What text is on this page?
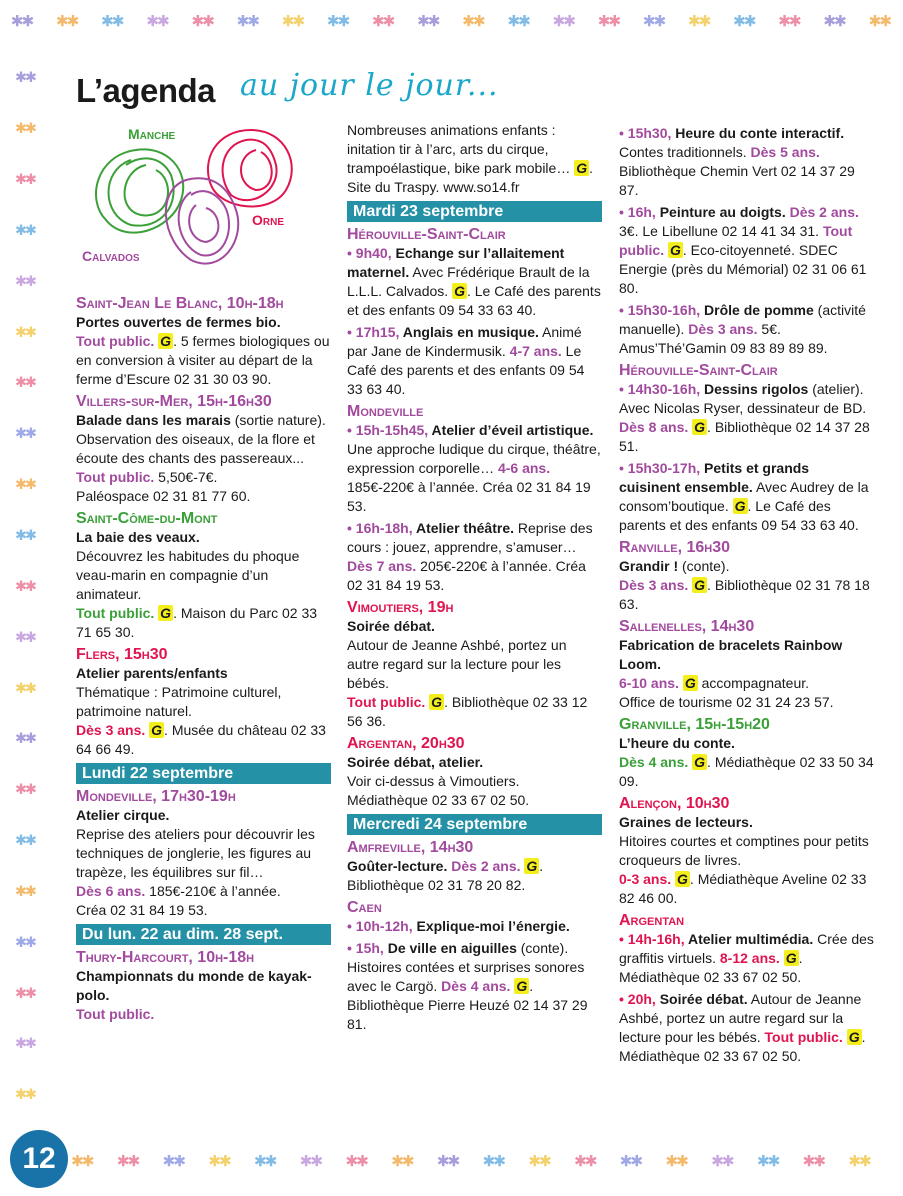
ᕯ ᕯ ᕯ ᕯ ᕯ ᕯ ᕯ ᕯ ᕯ ᕯ ᕯ ᕯ ᕯ ᕯ ᕯ ᕯ ᕯ ᕯ ᕯ ᕯ
ᕯ
ᕯ
ᕯ
ᕯ
ᕯ
ᕯ
ᕯ
ᕯ
ᕯ
ᕯ
ᕯ
ᕯ
ᕯ
ᕯ
ᕯ
ᕯ
ᕯ
ᕯ
ᕯ
ᕯ
ᕯ
ᕯ ᕯ ᕯ ᕯ ᕯ ᕯ ᕯ ᕯ ᕯ ᕯ ᕯ ᕯ ᕯ ᕯ ᕯ ᕯ ᕯ ᕯ
12
L’agenda au jour le jour...
Manche
Orne
Calvados
Saint-Jean Le Blanc, 10h-18h
Portes ouvertes de fermes bio.

Tout public. G . 5 fermes biologiques ou en conversion à visiter au départ de la ferme d’Escure 02 31 30 03 90.

Villers-sur-Mer, 15h-16h30
Balade dans les marais (sortie nature).
Observation des oiseaux, de la flore et écoute des chants des passereaux...
Tout public. 5,50€-7€.

Paléospace 02 31 81 77 60.

Saint-Côme-du-Mont
La baie des veaux.
Découvrez les habitudes du phoque veau-marin en compagnie d’un animateur.

Tout public. G . Maison du Parc 02 33 71 65 30.

Flers, 15h30
Atelier parents/enfants
Thématique : Patrimoine culturel, patrimoine naturel.

Dès 3 ans. G . Musée du château 02 33 64 66 49.

Lundi 22 septembre
Mondeville, 17h30-19h
Atelier cirque.
Reprise des ateliers pour découvrir les techniques de jonglerie, les figures au trapèze, les équilibres sur fil…
Dès 6 ans. 185€-210€ à l’année.

Créa 02 31 84 19 53.

Du lun. 22 au dim. 28 sept.
Thury-Harcourt, 10h-18h
Championnats du monde de kayak-polo.
Tout public.

Nombreuses animations enfants : initation tir à l’arc, arts du cirque, trampoélastique, bike park mobile… G . Site du Traspy. www.so14.fr

Mardi 23 septembre
Hérouville-Saint-Clair

• 9h40, Echange sur l’allaitement maternel. Avec Frédérique Brault de la L.L.L. Calvados. G . Le Café des parents et des enfants 09 54 33 63 40.

• 17h15, Anglais en musique. Animé par Jane de Kindermusik. 4-7 ans. Le Café des parents et des enfants 09 54 33 63 40.

Mondeville

• 15h-15h45, Atelier d’éveil artistique. Une approche ludique du cirque, théâtre, expression corporelle… 4-6 ans. 185€-220€ à l’année. Créa 02 31 84 19 53.

• 16h-18h, Atelier théâtre. Reprise des cours : jouez, apprendre, s’amuser… Dès 7 ans. 205€-220€ à l’année. Créa 02 31 84 19 53.

Vimoutiers, 19h
Soirée débat.
Autour de Jeanne Ashbé, portez un autre regard sur la lecture pour les bébés.

Tout public. G . Bibliothèque 02 33 12 56 36.

Argentan, 20h30
Soirée débat, atelier.
Voir ci-dessus à Vimoutiers.

Médiathèque 02 33 67 02 50.

Mercredi 24 septembre
Amfreville, 14h30
Goûter-lecture. Dès 2 ans. G .

Bibliothèque 02 31 78 20 82.

Caen

• 10h-12h, Explique-moi l’énergie.

• 15h, De ville en aiguilles (conte). Histoires contées et surprises sonores avec le Cargö. Dès 4 ans. G . Bibliothèque Pierre Heuzé 02 14 37 29 81.

• 15h30, Heure du conte interactif. Contes traditionnels. Dès 5 ans. Bibliothèque Chemin Vert 02 14 37 29 87.

• 16h, Peinture au doigts. Dès 2 ans. 3€. Le Libellune 02 14 41 34 31. Tout public. G . Eco-citoyenneté. SDEC Energie (près du Mémorial) 02 31 06 61 80.

• 15h30-16h, Drôle de pomme (activité manuelle). Dès 3 ans. 5€. Amus’Thé’Gamin 09 83 89 89 89.

Hérouville-Saint-Clair

• 14h30-16h, Dessins rigolos (atelier). Avec Nicolas Ryser, dessinateur de BD. Dès 8 ans. G . Bibliothèque 02 14 37 28 51.

• 15h30-17h, Petits et grands cuisinent ensemble. Avec Audrey de la consom’boutique. G . Le Café des parents et des enfants 09 54 33 63 40.

Ranville, 16h30
Grandir ! (conte).

Dès 3 ans. G . Bibliothèque 02 31 78 18 63.

Sallenelles, 14h30
Fabrication de bracelets Rainbow Loom.
6-10 ans. G accompagnateur.

Office de tourisme 02 31 24 23 57.

Granville, 15h-15h20
L’heure du conte.

Dès 4 ans. G . Médiathèque 02 33 50 34 09.

Alençon, 10h30
Graines de lecteurs.
Hitoires courtes et comptines pour petits croqueurs de livres.

0-3 ans. G . Médiathèque Aveline 02 33 82 46 00.

Argentan

• 14h-16h, Atelier multimédia. Crée des graffitis virtuels. 8-12 ans. G . Médiathèque 02 33 67 02 50.

• 20h, Soirée débat. Autour de Jeanne Ashbé, portez un autre regard sur la lecture pour les bébés. Tout public. G . Médiathèque 02 33 67 02 50.
